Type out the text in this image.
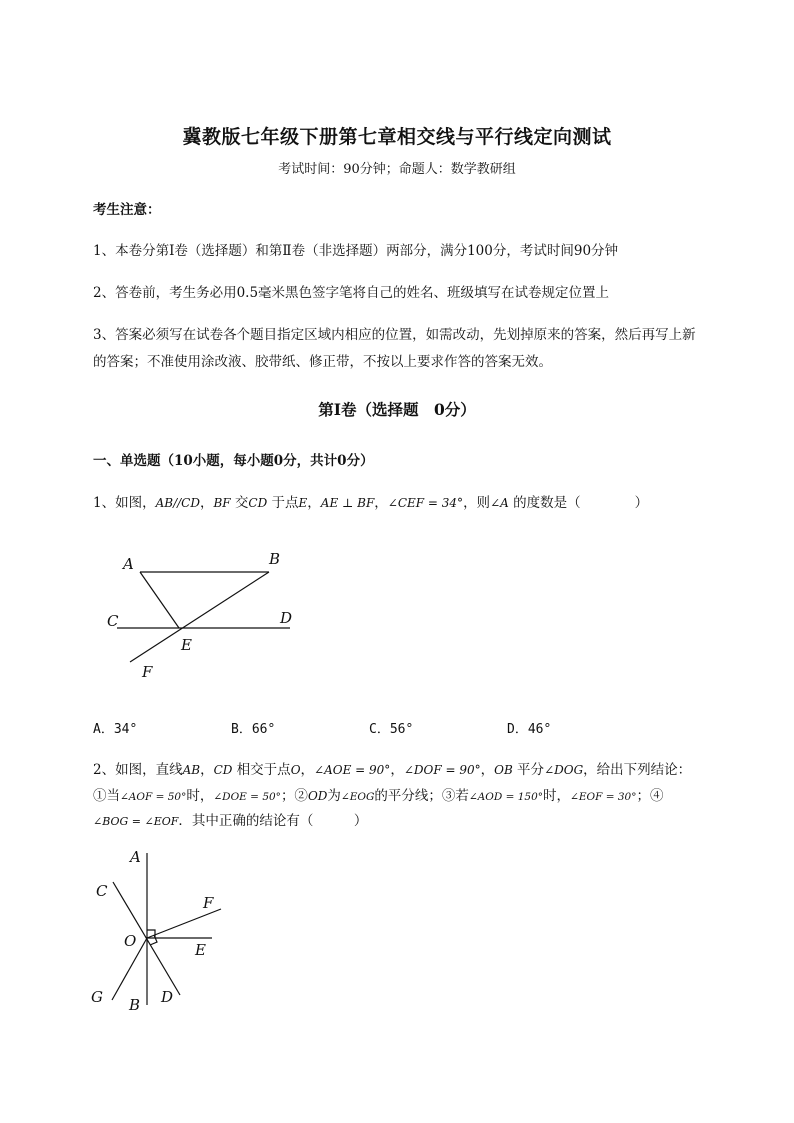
冀教版七年级下册第七章相交线与平行线定向测试
考试时间：90分钟；命题人：数学教研组
考生注意：
1、本卷分第I卷（选择题）和第Ⅱ卷（非选择题）两部分，满分100分，考试时间90分钟
2、答卷前，考生务必用0.5毫米黑色签字笔将自己的姓名、班级填写在试卷规定位置上
3、答案必须写在试卷各个题目指定区域内相应的位置，如需改动，先划掉原来的答案，然后再写上新
的答案；不准使用涂改液、胶带纸、修正带，不按以上要求作答的答案无效。
第I卷（选择题　0分）
一、单选题（10小题，每小题0分，共计0分）
1、如图，AB//CD，BF 交CD 于点E，AE ⊥ BF，∠CEF = 34°，则∠A 的度数是（　　　　）
A	B
C	D
E
F
A．34°	B．66°	C．56°	D．46°
2、如图，直线AB，CD 相交于点O，∠AOE = 90°，∠DOF = 90°，OB 平分∠DOG，给出下列结论：
①当∠AOF = 50°时，∠DOE = 50°；②OD为∠EOG的平分线；③若∠AOD = 150°时，∠EOF = 30°；④
∠BOG = ∠EOF．其中正确的结论有（　　　）
A
C
F
O	E
G	D
B
